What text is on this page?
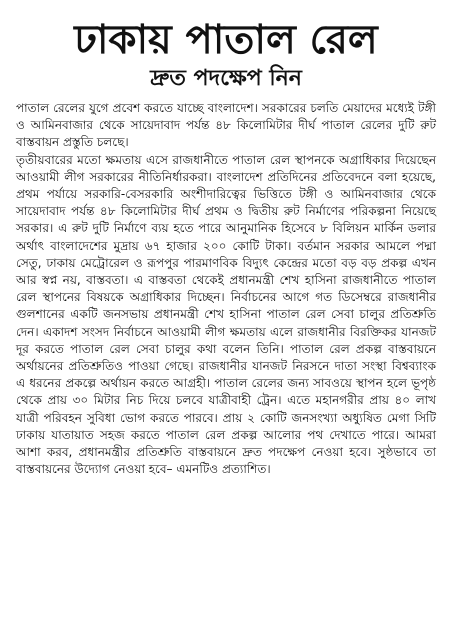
ঢাকায় পাতাল রেল
দ্রুত পদক্ষেপ নিন

পাতাল রেলের যুগে প্রবেশ করতে যাচ্ছে বাংলাদেশ। সরকারের চলতি মেয়াদের মধ্যেই টঙ্গী ও আমিনবাজার থেকে সায়েদাবাদ পর্যন্ত ৪৮ কিলোমিটার দীর্ঘ পাতাল রেলের দুটি রুট বাস্তবায়ন প্রস্তুতি চলছে।

তৃতীয়বারের মতো ক্ষমতায় এসে রাজধানীতে পাতাল রেল স্থাপনকে অগ্রাধিকার দিয়েছেন আওয়ামী লীগ সরকারের নীতিনির্ধারকরা। বাংলাদেশ প্রতিদিনের প্রতিবেদনে বলা হয়েছে, প্রথম পর্যায়ে সরকারি-বেসরকারি অংশীদারিত্বের ভিত্তিতে টঙ্গী ও আমিনবাজার থেকে সায়েদাবাদ পর্যন্ত ৪৮ কিলোমিটার দীর্ঘ প্রথম ও দ্বিতীয় রুট নির্মাণের পরিকল্পনা নিয়েছে সরকার। এ রুট দুটি নির্মাণে ব্যয় হতে পারে আনুমানিক হিসেবে ৮ বিলিয়ন মার্কিন ডলার অর্থাৎ বাংলাদেশের মুদ্রায় ৬৭ হাজার ২০০ কোটি টাকা। বর্তমান সরকার আমলে পদ্মা সেতু, ঢাকায় মেট্রোরেল ও রূপপুর পারমাণবিক বিদ্যুৎ কেন্দ্রের মতো বড় বড় প্রকল্প এখন আর স্বপ্ন নয়, বাস্তবতা। এ বাস্তবতা থেকেই প্রধানমন্ত্রী শেখ হাসিনা রাজধানীতে পাতাল রেল স্থাপনের বিষয়কে অগ্রাধিকার দিচ্ছেন। নির্বাচনের আগে গত ডিসেম্বরে রাজধানীর গুলশানের একটি জনসভায় প্রধানমন্ত্রী শেখ হাসিনা পাতাল রেল সেবা চালুর প্রতিশ্রুতি দেন। একাদশ সংসদ নির্বাচনে আওয়ামী লীগ ক্ষমতায় এলে রাজধানীর বিরক্তিকর যানজট দূর করতে পাতাল রেল সেবা চালুর কথা বলেন তিনি। পাতাল রেল প্রকল্প বাস্তবায়নে অর্থায়নের প্রতিশ্রুতিও পাওয়া গেছে। রাজধানীর যানজট নিরসনে দাতা সংস্থা বিশ্বব্যাংক এ ধরনের প্রকল্পে অর্থায়ন করতে আগ্রহী। পাতাল রেলের জন্য সাবওয়ে স্থাপন হলে ভূপৃষ্ঠ থেকে প্রায় ৩০ মিটার নিচ দিয়ে চলবে যাত্রীবাহী ট্রেন। এতে মহানগরীর প্রায় ৪০ লাখ যাত্রী পরিবহন সুবিধা ভোগ করতে পারবে। প্রায় ২ কোটি জনসংখ্যা অধ্যুষিত মেগা সিটি ঢাকায় যাতায়াত সহজ করতে পাতাল রেল প্রকল্প আলোর পথ দেখাতে পারে। আমরা আশা করব, প্রধানমন্ত্রীর প্রতিশ্রুতি বাস্তবায়নে দ্রুত পদক্ষেপ নেওয়া হবে। সুষ্ঠভাবে তা বাস্তবায়নের উদ্যোগ নেওয়া হবে– এমনটিও প্রত্যাশিত।
